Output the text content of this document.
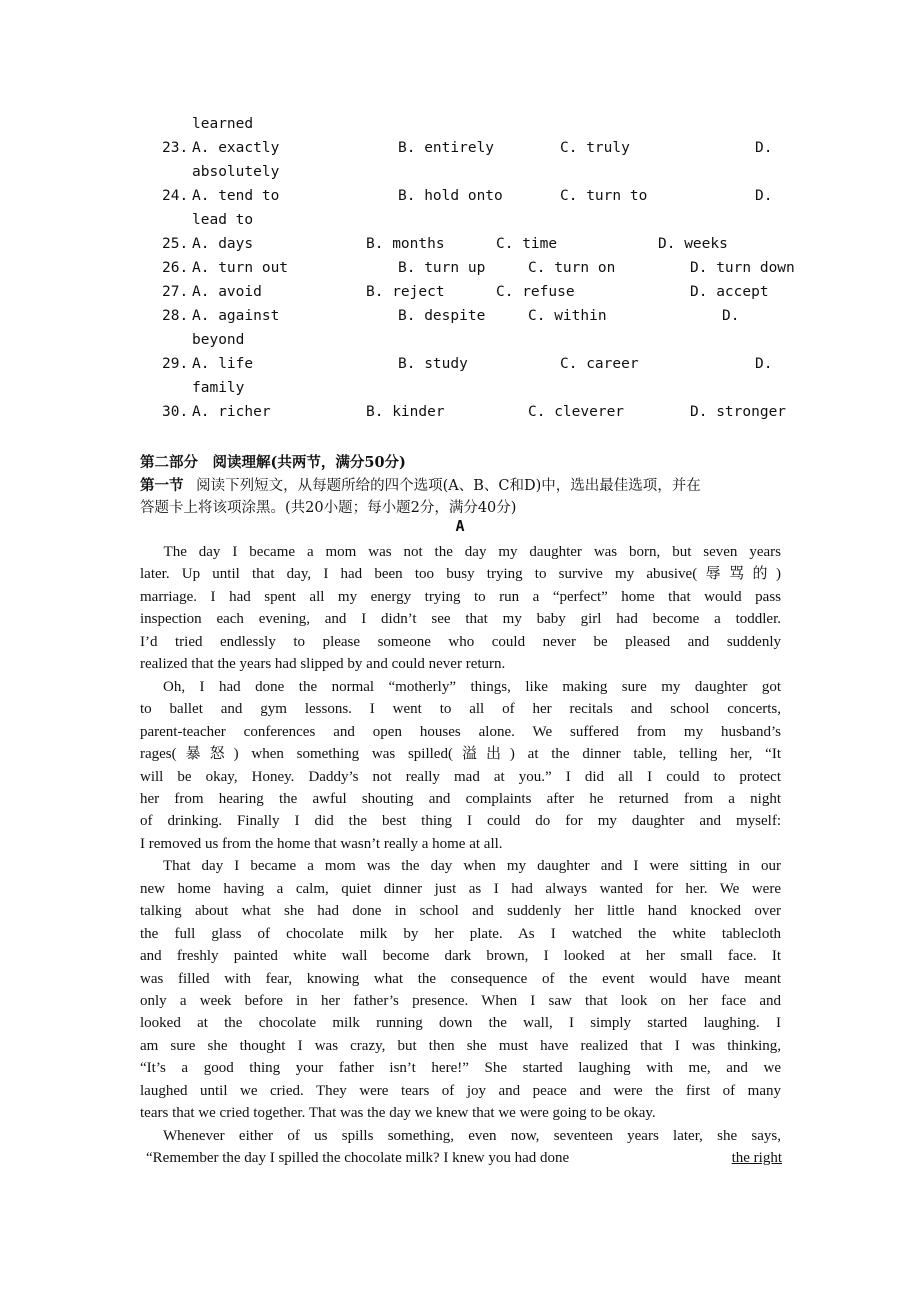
learned
23. A. exactly	B. entirely	C. truly	D.
absolutely
24. A. tend to	B. hold onto	C. turn to	D.
lead to
25. A. days	B. months	C. time	D. weeks
26. A. turn out	B. turn up	C. turn on	D. turn down
27. A. avoid	B. reject	C. refuse	D. accept
28. A. against	B. despite	C. within	D.
beyond
29. A. life	B. study	C. career	D.
family
30. A. richer	B. kinder	C. cleverer	D. stronger
第二部分　阅读理解(共两节，满分50分)
第一节 阅读下列短文，从每题所给的四个选项(A、B、C和D)中，选出最佳选项，并在
答题卡上将该项涂黑。(共20小题；每小题2分，满分40分)
A
The day I became a mom was not the day my daughter was born, but seven years
later. Up until that day, I had been too busy trying to survive my abusive(辱骂的)
marriage. I had spent all my energy trying to run a “perfect” home that would pass
inspection each evening, and I didn’t see that my baby girl had become a toddler.
I’d tried endlessly to please someone who could never be pleased and suddenly
realized that the years had slipped by and could never return.
Oh, I had done the normal “motherly” things, like making sure my daughter got
to ballet and gym lessons. I went to all of her recitals and school concerts,
parent-teacher conferences and open houses alone. We suffered from my husband’s
rages(暴怒) when something was spilled(溢出) at the dinner table, telling her, “It
will be okay, Honey. Daddy’s not really mad at you.” I did all I could to protect
her from hearing the awful shouting and complaints after he returned from a night
of drinking. Finally I did the best thing I could do for my daughter and myself:
I removed us from the home that wasn’t really a home at all.
That day I became a mom was the day when my daughter and I were sitting in our
new home having a calm, quiet dinner just as I had always wanted for her. We were
talking about what she had done in school and suddenly her little hand knocked over
the full glass of chocolate milk by her plate. As I watched the white tablecloth
and freshly painted white wall become dark brown, I looked at her small face. It
was filled with fear, knowing what the consequence of the event would have meant
only a week before in her father’s presence. When I saw that look on her face and
looked at the chocolate milk running down the wall, I simply started laughing. I
am sure she thought I was crazy, but then she must have realized that I was thinking,
“It’s a good thing your father isn’t here!” She started laughing with me, and we
laughed until we cried. They were tears of joy and peace and were the first of many
tears that we cried together. That was the day we knew that we were going to be okay.
Whenever either of us spills something, even now, seventeen years later, she says,
“Remember the day I spilled the chocolate milk? I knew you had done	the right
